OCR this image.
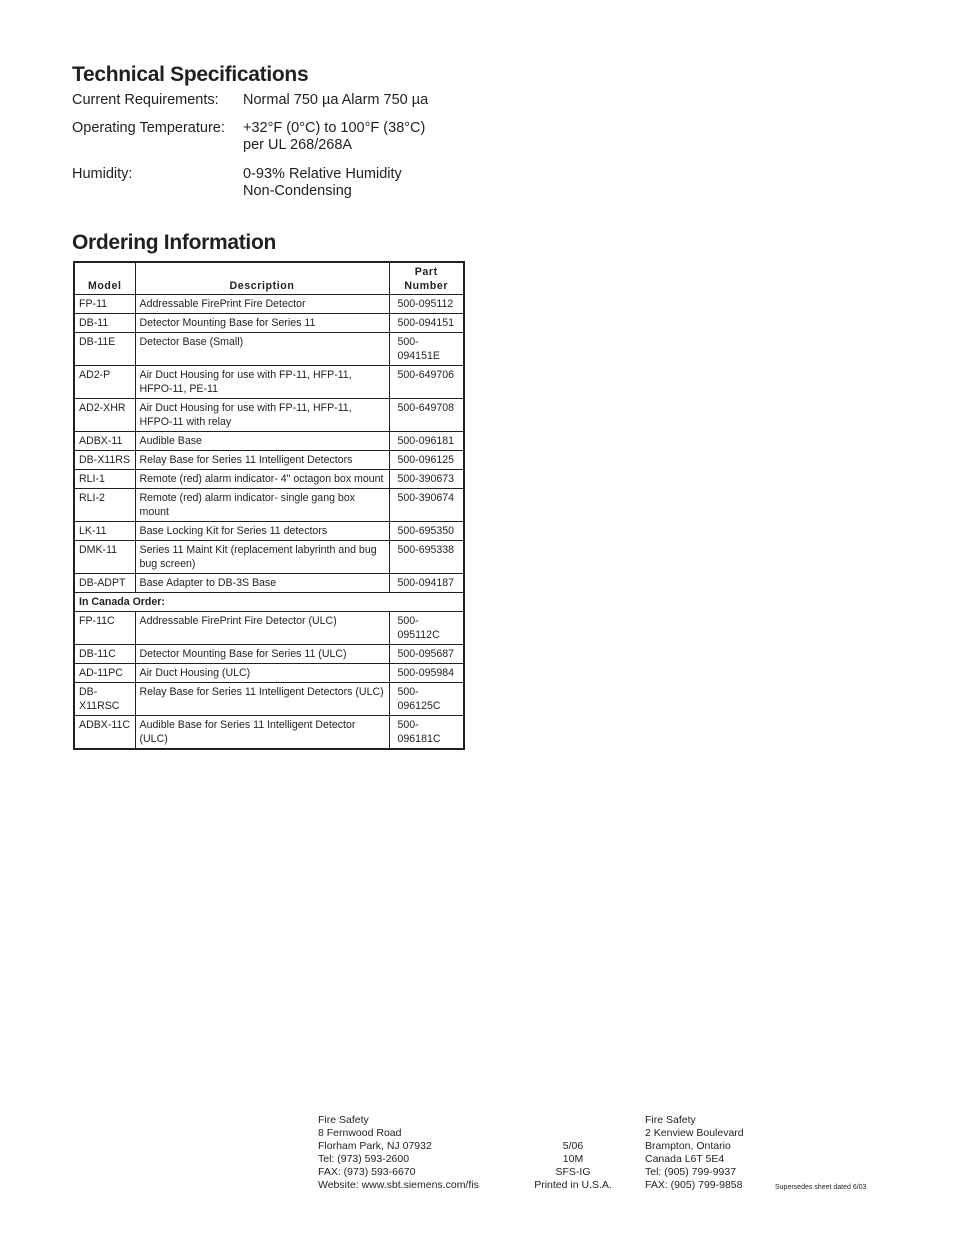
Technical Specifications
Current Requirements: Normal 750 µa Alarm 750 µa
Operating Temperature: +32°F (0°C) to 100°F (38°C)
per UL 268/268A
Humidity:	0-93% Relative Humidity
Non-Condensing
Ordering Information
Model	Description	Part
Number

FP-11	Addressable FirePrint Fire Detector	500-095112
DB-11	Detector Mounting Base for Series 11	500-094151
DB-11E	Detector Base (Small)	500-094151E
AD2-P	Air Duct Housing for use with FP-11, HFP-11, HFPO-11, PE-11	500-649706
AD2-XHR	Air Duct Housing for use with FP-11, HFP-11, HFPO-11 with relay	500-649708
ADBX-11	Audible Base	500-096181
DB-X11RS	Relay Base for Series 11 Intelligent Detectors	500-096125
RLI-1	Remote (red) alarm indicator- 4" octagon box mount	500-390673
RLI-2	Remote (red) alarm indicator- single gang box mount	500-390674
LK-11	Base Locking Kit for Series 11 detectors	500-695350
DMK-11	Series 11 Maint Kit (replacement labyrinth and bug bug screen)	500-695338
DB-ADPT	Base Adapter to DB-3S Base	500-094187
In Canada Order:		
FP-11C	Addressable FirePrint Fire Detector (ULC)	500-095112C
DB-11C	Detector Mounting Base for Series 11 (ULC)	500-095687
AD-11PC	Air Duct Housing (ULC)	500-095984
DB-X11RSC	Relay Base for Series 11 Intelligent Detectors (ULC)	500-096125C
ADBX-11C	Audible Base for Series 11 Intelligent Detector (ULC)	500-096181C
Fire Safety
8 Fernwood Road
Florham Park, NJ 07932
Tel: (973) 593-2600
FAX: (973) 593-6670
Website: www.sbt.siemens.com/fis
5/06
10M
SFS-IG
Printed in U.S.A.
Fire Safety
2 Kenview Boulevard
Brampton, Ontario
Canada L6T 5E4
Tel: (905) 799-9937
FAX: (905) 799-9858	Supersedes sheet dated 6/03
